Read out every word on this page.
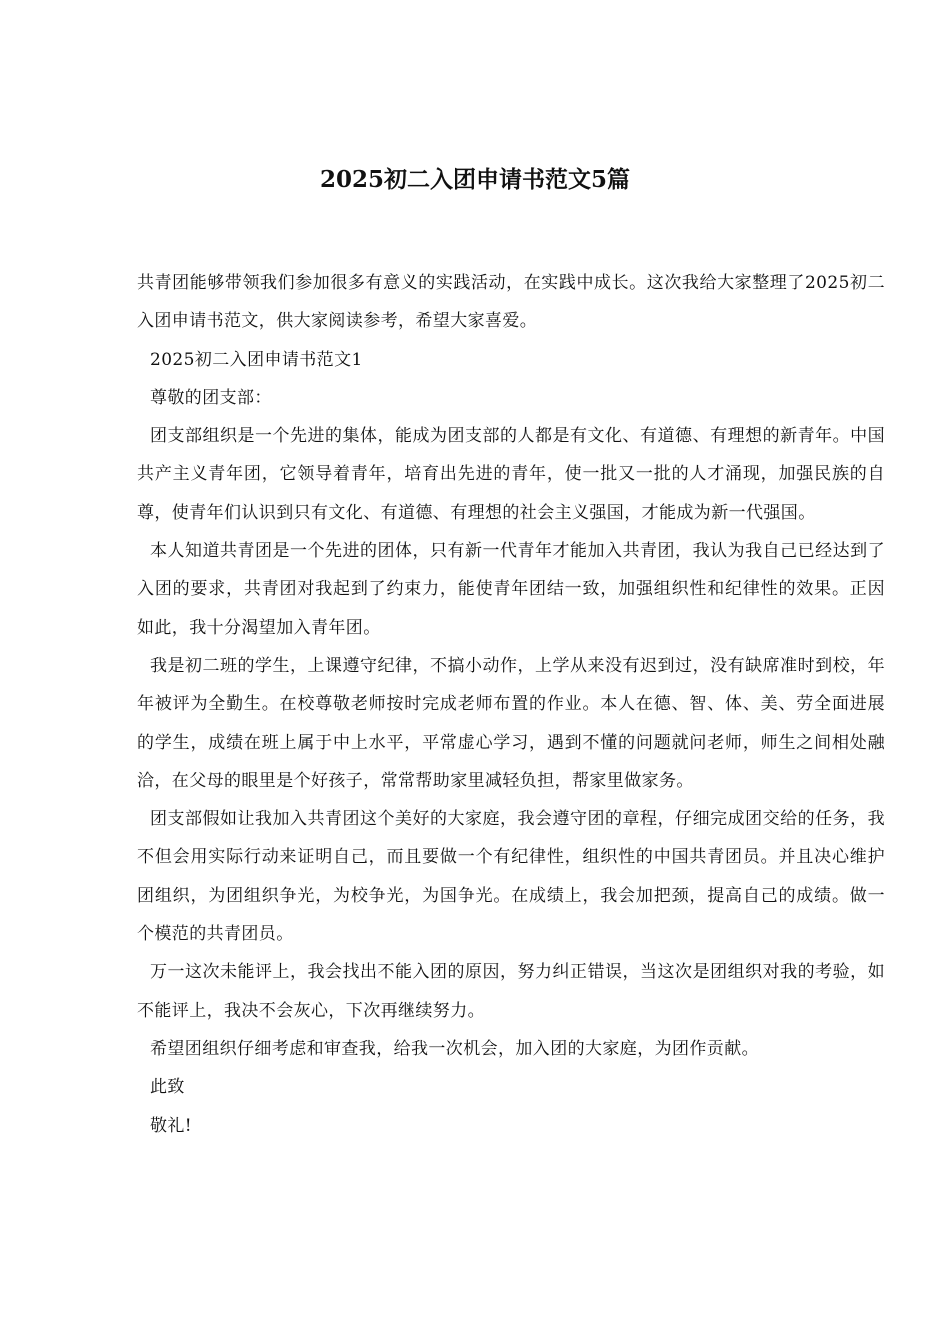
2025初二入团申请书范文5篇

共青团能够带领我们参加很多有意义的实践活动，在实践中成长。这次我给大家整理了2025初二入团申请书范文，供大家阅读参考，希望大家喜爱。

2025初二入团申请书范文1

尊敬的团支部：

团支部组织是一个先进的集体，能成为团支部的人都是有文化、有道德、有理想的新青年。中国共产主义青年团，它领导着青年，培育出先进的青年，使一批又一批的人才涌现，加强民族的自尊，使青年们认识到只有文化、有道德、有理想的社会主义强国，才能成为新一代强国。

本人知道共青团是一个先进的团体，只有新一代青年才能加入共青团，我认为我自己已经达到了入团的要求，共青团对我起到了约束力，能使青年团结一致，加强组织性和纪律性的效果。正因如此，我十分渴望加入青年团。

我是初二班的学生，上课遵守纪律，不搞小动作，上学从来没有迟到过，没有缺席准时到校，年年被评为全勤生。在校尊敬老师按时完成老师布置的作业。本人在德、智、体、美、劳全面进展的学生，成绩在班上属于中上水平，平常虚心学习，遇到不懂的问题就问老师，师生之间相处融洽，在父母的眼里是个好孩子，常常帮助家里减轻负担，帮家里做家务。

团支部假如让我加入共青团这个美好的大家庭，我会遵守团的章程，仔细完成团交给的任务，我不但会用实际行动来证明自己，而且要做一个有纪律性，组织性的中国共青团员。并且决心维护团组织，为团组织争光，为校争光，为国争光。在成绩上，我会加把颈，提高自己的成绩。做一个模范的共青团员。

万一这次未能评上，我会找出不能入团的原因，努力纠正错误，当这次是团组织对我的考验，如不能评上，我决不会灰心，下次再继续努力。

希望团组织仔细考虑和审查我，给我一次机会，加入团的大家庭，为团作贡献。

此致

敬礼!
